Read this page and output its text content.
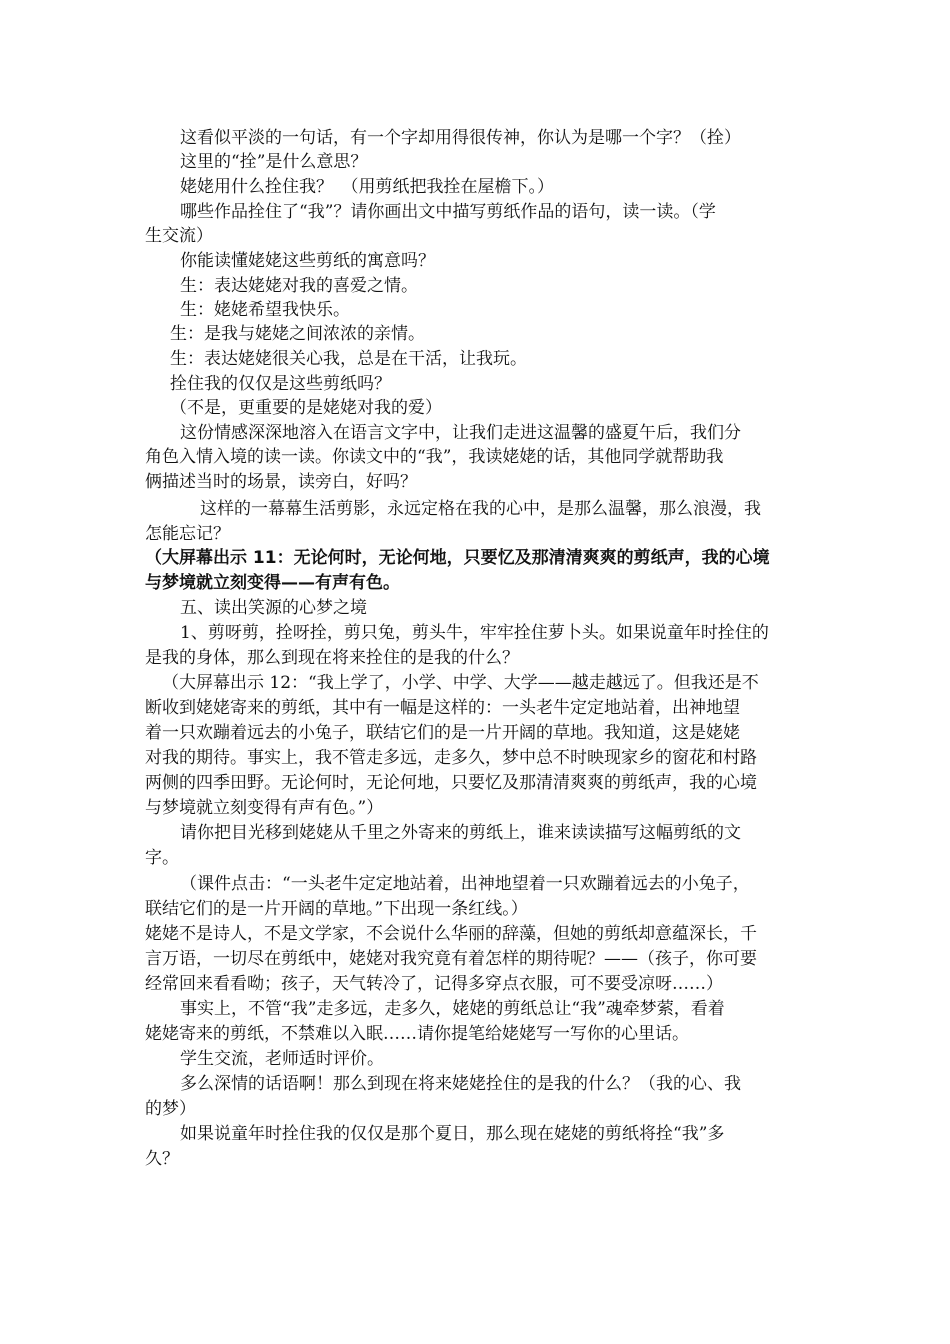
这看似平淡的一句话，有一个字却用得很传神，你认为是哪一个字？（拴）
这里的“拴”是什么意思？
姥姥用什么拴住我？　（用剪纸把我拴在屋檐下。）
哪些作品拴住了“我”？请你画出文中描写剪纸作品的语句，读一读。（学
生交流）
你能读懂姥姥这些剪纸的寓意吗？
生：表达姥姥对我的喜爱之情。
生：姥姥希望我快乐。
生：是我与姥姥之间浓浓的亲情。
生：表达姥姥很关心我，总是在干活，让我玩。
拴住我的仅仅是这些剪纸吗？
（不是，更重要的是姥姥对我的爱）
这份情感深深地溶入在语言文字中，让我们走进这温馨的盛夏午后，我们分
角色入情入境的读一读。你读文中的“我”，我读姥姥的话，其他同学就帮助我
俩描述当时的场景，读旁白，好吗？
这样的一幕幕生活剪影，永远定格在我的心中，是那么温馨，那么浪漫，我
怎能忘记？
（大屏幕出示 11：无论何时，无论何地，只要忆及那清清爽爽的剪纸声，我的心境
与梦境就立刻变得——有声有色。
五、读出笑源的心梦之境
1、剪呀剪，拴呀拴，剪只兔，剪头牛，牢牢拴住萝卜头。如果说童年时拴住的
是我的身体，那么到现在将来拴住的是我的什么？
（大屏幕出示 12：“我上学了，小学、中学、大学——越走越远了。但我还是不
断收到姥姥寄来的剪纸，其中有一幅是这样的：一头老牛定定地站着，出神地望
着一只欢蹦着远去的小兔子，联结它们的是一片开阔的草地。我知道，这是姥姥
对我的期待。事实上，我不管走多远，走多久，梦中总不时映现家乡的窗花和村路
两侧的四季田野。无论何时，无论何地，只要忆及那清清爽爽的剪纸声，我的心境
与梦境就立刻变得有声有色。”）
请你把目光移到姥姥从千里之外寄来的剪纸上，谁来读读描写这幅剪纸的文
字。
（课件点击：“一头老牛定定地站着，出神地望着一只欢蹦着远去的小兔子，
联结它们的是一片开阔的草地。”下出现一条红线。）
姥姥不是诗人，不是文学家，不会说什么华丽的辞藻，但她的剪纸却意蕴深长，千
言万语，一切尽在剪纸中，姥姥对我究竟有着怎样的期待呢？——（孩子，你可要
经常回来看看呦；孩子，天气转冷了，记得多穿点衣服，可不要受凉呀……）
事实上，不管“我”走多远，走多久，姥姥的剪纸总让“我”魂牵梦萦，看着
姥姥寄来的剪纸，不禁难以入眠……请你提笔给姥姥写一写你的心里话。
学生交流，老师适时评价。
多么深情的话语啊！那么到现在将来姥姥拴住的是我的什么？（我的心、我
的梦）
如果说童年时拴住我的仅仅是那个夏日，那么现在姥姥的剪纸将拴“我”多
久？
